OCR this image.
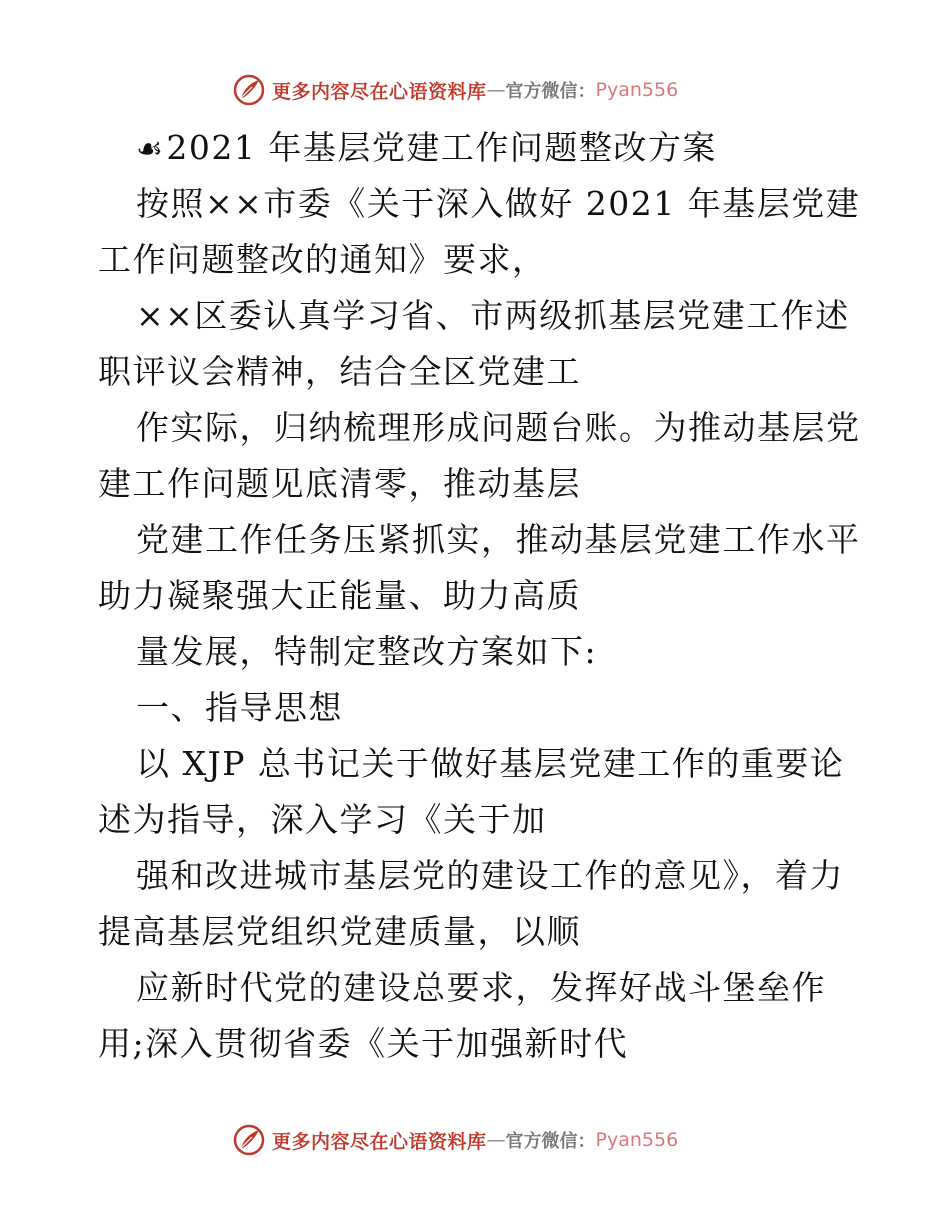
更多内容尽在心语资料库 — 官方微信： Pyan556
☙2021 年基层党建工作问题整改方案
按照××市委《关于深入做好 2021 年基层党建
工作问题整改的通知》要求，
××区委认真学习省、市两级抓基层党建工作述
职评议会精神，结合全区党建工
作实际，归纳梳理形成问题台账。为推动基层党
建工作问题见底清零，推动基层
党建工作任务压紧抓实，推动基层党建工作水平
助力凝聚强大正能量、助力高质
量发展，特制定整改方案如下:
一、指导思想
以 XJP 总书记关于做好基层党建工作的重要论
述为指导，深入学习《关于加
强和改进城市基层党的建设工作的意见》，着力
提高基层党组织党建质量，以顺
应新时代党的建设总要求，发挥好战斗堡垒作
用;深入贯彻省委《关于加强新时代
更多内容尽在心语资料库 — 官方微信： Pyan556
